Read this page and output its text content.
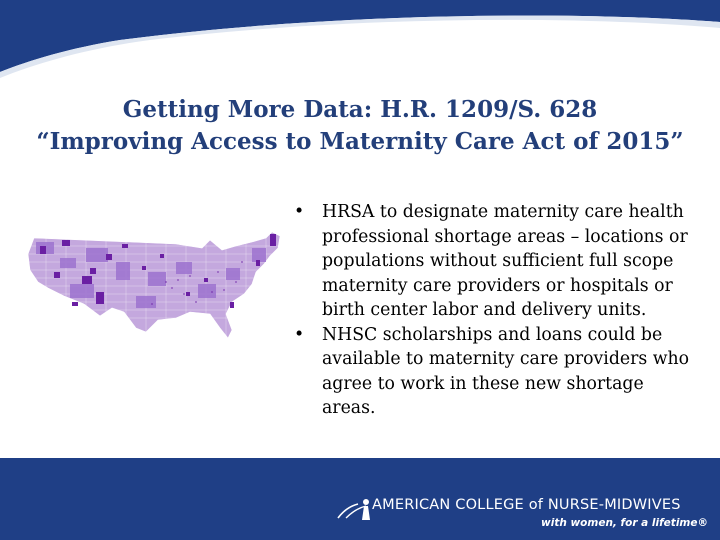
Getting More Data: H.R. 1209/S. 628
“Improving Access to Maternity Care Act of 2015”
• HRSA to designate maternity care health professional shortage areas – locations or populations without sufficient full scope maternity care providers or hospitals or birth center labor and delivery units.
• NHSC scholarships and loans could be available to maternity care providers who agree to work in these new shortage areas.
AMERICAN COLLEGE of NURSE-MIDWIVES
with women, for a lifetime®
